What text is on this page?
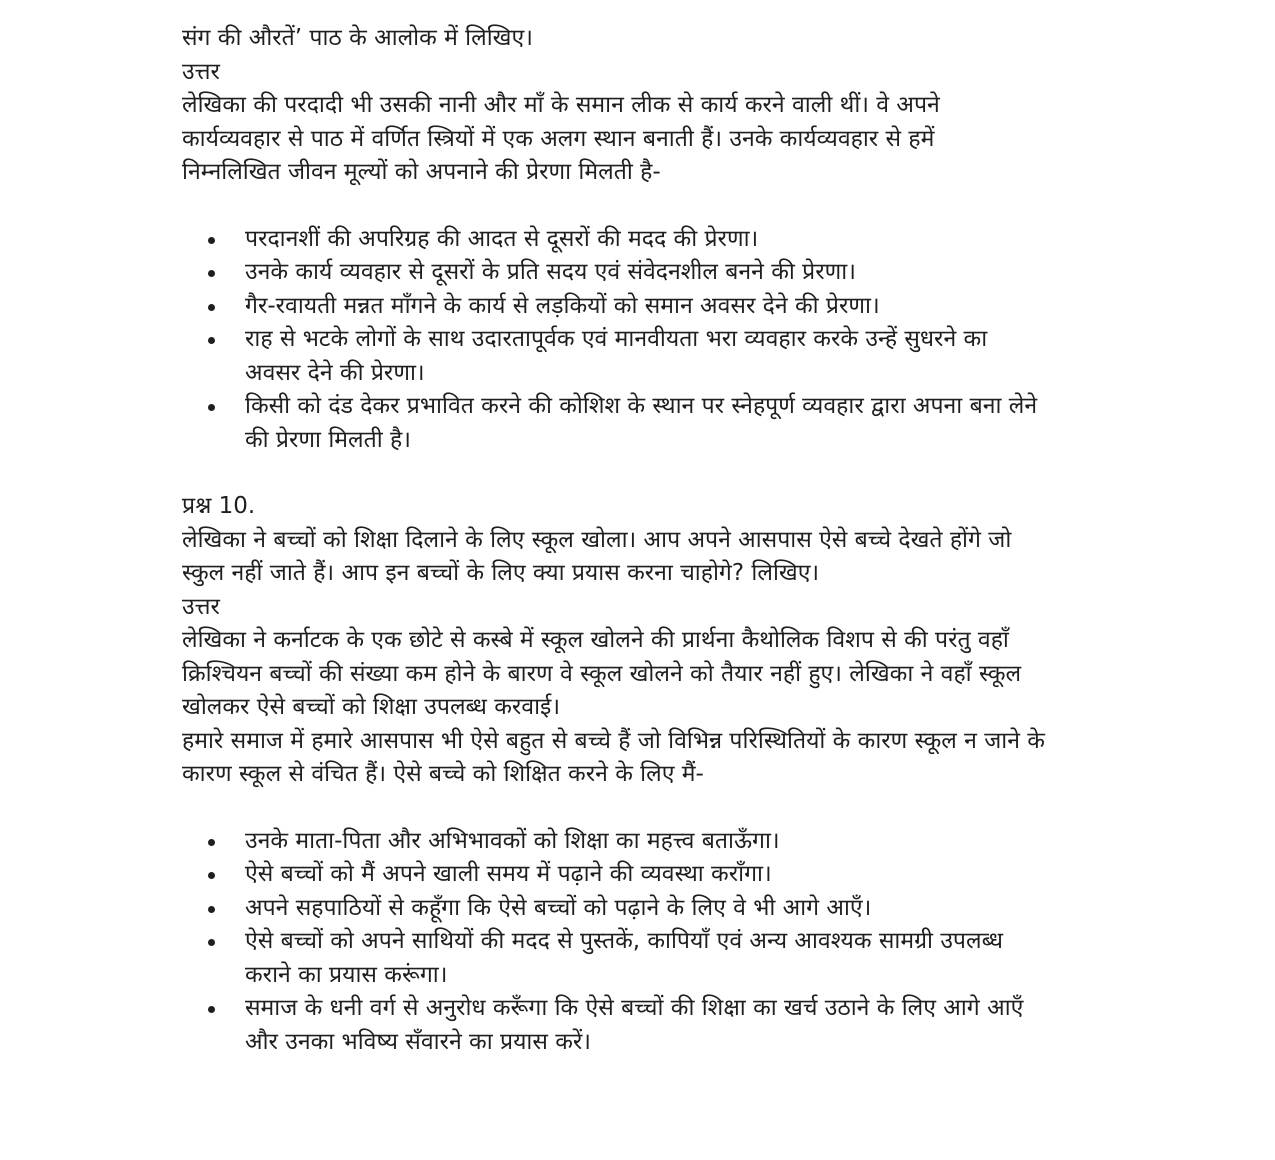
संग की औरतें’ पाठ के आलोक में लिखिए।
उत्तर
लेखिका की परदादी भी उसकी नानी और माँ के समान लीक से कार्य करने वाली थीं। वे अपने
कार्यव्यवहार से पाठ में वर्णित स्त्रियों में एक अलग स्थान बनाती हैं। उनके कार्यव्यवहार से हमें
निम्नलिखित जीवन मूल्यों को अपनाने की प्रेरणा मिलती है-
परदानशीं की अपरिग्रह की आदत से दूसरों की मदद की प्रेरणा।
उनके कार्य व्यवहार से दूसरों के प्रति सदय एवं संवेदनशील बनने की प्रेरणा।
गैर-रवायती मन्नत माँगने के कार्य से लड़कियों को समान अवसर देने की प्रेरणा।
राह से भटके लोगों के साथ उदारतापूर्वक एवं मानवीयता भरा व्यवहार करके उन्हें सुधरने का
अवसर देने की प्रेरणा।
किसी को दंड देकर प्रभावित करने की कोशिश के स्थान पर स्नेहपूर्ण व्यवहार द्वारा अपना बना लेने
की प्रेरणा मिलती है।
प्रश्न 10.
लेखिका ने बच्चों को शिक्षा दिलाने के लिए स्कूल खोला। आप अपने आसपास ऐसे बच्चे देखते होंगे जो
स्कुल नहीं जाते हैं। आप इन बच्चों के लिए क्या प्रयास करना चाहोगे? लिखिए।
उत्तर
लेखिका ने कर्नाटक के एक छोटे से कस्बे में स्कूल खोलने की प्रार्थना कैथोलिक विशप से की परंतु वहाँ
क्रिश्चियन बच्चों की संख्या कम होने के बारण वे स्कूल खोलने को तैयार नहीं हुए। लेखिका ने वहाँ स्कूल
खोलकर ऐसे बच्चों को शिक्षा उपलब्ध करवाई।
हमारे समाज में हमारे आसपास भी ऐसे बहुत से बच्चे हैं जो विभिन्न परिस्थितियों के कारण स्कूल न जाने के
कारण स्कूल से वंचित हैं। ऐसे बच्चे को शिक्षित करने के लिए मैं-
उनके माता-पिता और अभिभावकों को शिक्षा का महत्त्व बताऊँगा।
ऐसे बच्चों को मैं अपने खाली समय में पढ़ाने की व्यवस्था कराँगा।
अपने सहपाठियों से कहूँगा कि ऐसे बच्चों को पढ़ाने के लिए वे भी आगे आएँ।
ऐसे बच्चों को अपने साथियों की मदद से पुस्तकें, कापियाँ एवं अन्य आवश्यक सामग्री उपलब्ध
कराने का प्रयास करूंगा।
समाज के धनी वर्ग से अनुरोध करूँगा कि ऐसे बच्चों की शिक्षा का खर्च उठाने के लिए आगे आएँ
और उनका भविष्य सँवारने का प्रयास करें।
